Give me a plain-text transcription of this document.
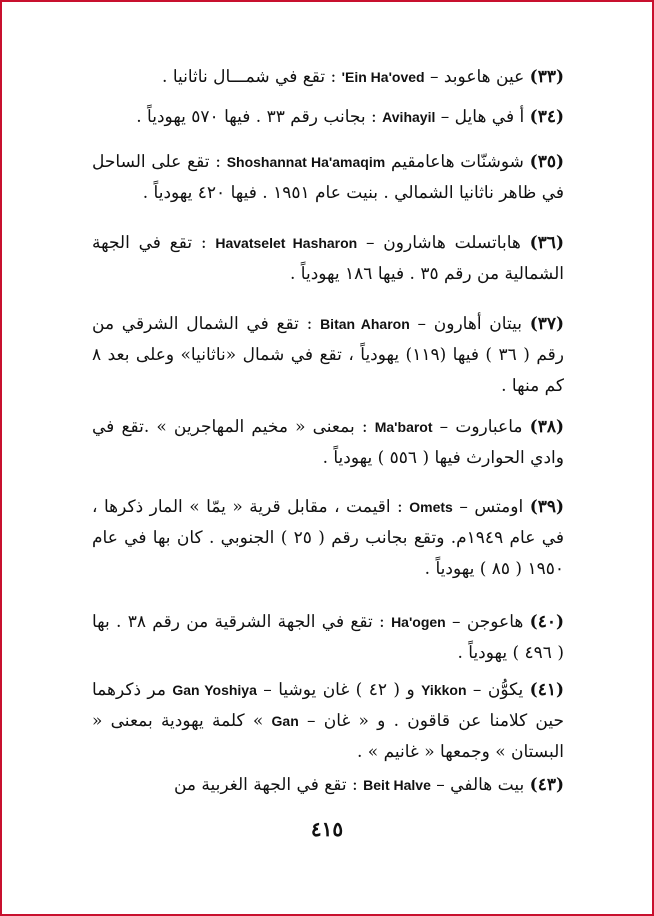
(٣٣) عين هاعوبد – 'Ein Ha'oved : تقع في شمـــال ناثانيا .
(٣٤) أ في هايل – Avihayil : بجانب رقم ٣٣ . فيها ٥٧٠ يهودياً .
(٣٥) شوشنّات هاعامقيم Shoshannat Ha'amaqim : تقع على الساحل في ظاهر ناثانيا الشمالي . بنيت عام ١٩٥١ . فيها ٤٢٠ يهودياً .
(٣٦) هاباتسلت هاشارون – Havatselet Hasharon : تقع في الجهة الشمالية من رقم ٣٥ . فيها ١٨٦ يهودياً .
(٣٧) بيتان أهارون – Bitan Aharon : تقع في الشمال الشرقي من رقم ( ٣٦ ) فيها (١١٩) يهودياً ، تقع في شمال «ناثانيا» وعلى بعد ٨ كم منها .
(٣٨) ماعباروت – Ma'barot : بمعنى « مخيم المهاجرين » .تقع في وادي الحوارث فيها ( ٥٥٦ ) يهودياً .
(٣٩) اومتس – Omets : اقيمت ، مقابل قرية « يمّا » المار ذكرها ، في عام ١٩٤٩م. وتقع بجانب رقم ( ٢٥ ) الجنوبي . كان بها في عام ١٩٥٠ ( ٨٥ ) يهودياً .
(٤٠) هاعوجن – Ha'ogen : تقع في الجهة الشرقية من رقم ٣٨ . بها ( ٤٩٦ ) يهودياً .
(٤١) يكوُّن – Yikkon و ( ٤٢ ) غان يوشيا – Gan Yoshiya مر ذكرهما حين كلامنا عن قاقون . و « غان – Gan » كلمة يهودية بمعنى « البستان » وجمعها « غانيم » .
(٤٣) بيت هالفي – Beit Halve : تقع في الجهة الغربية من
٤١٥
